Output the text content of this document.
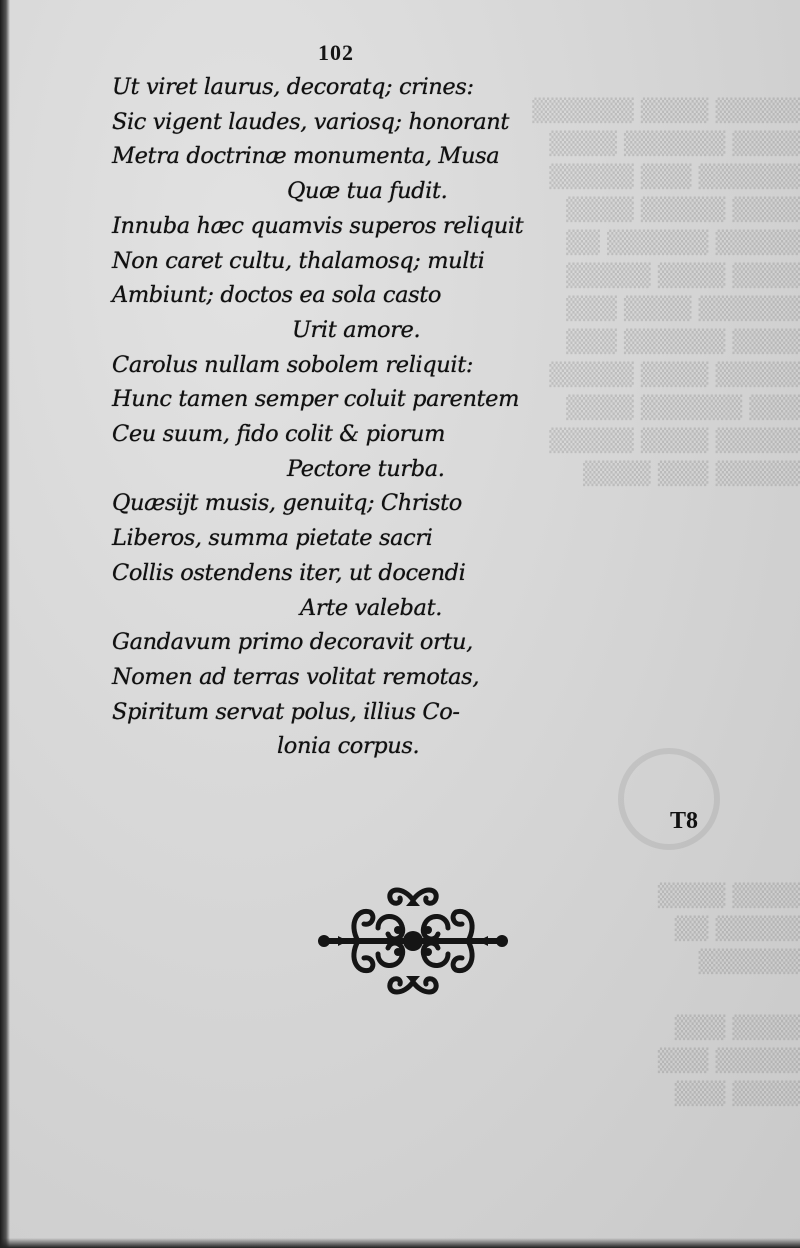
▒▒▒▒▒ ▒▒▒▒ ▒▒▒▒▒▒
▒▒▒▒ ▒▒▒▒▒▒ ▒▒▒▒
▒▒▒▒▒▒ ▒▒▒ ▒▒▒▒▒
▒▒▒▒ ▒▒▒▒▒ ▒▒▒▒
▒▒▒▒▒ ▒▒▒▒▒▒ ▒▒
▒▒▒▒ ▒▒▒▒ ▒▒▒▒▒
▒▒▒▒▒▒ ▒▒▒▒ ▒▒▒
▒▒▒▒ ▒▒▒▒▒▒ ▒▒▒
▒▒▒▒▒ ▒▒▒▒ ▒▒▒▒▒
▒▒▒ ▒▒▒▒▒▒ ▒▒▒▒
▒▒▒▒▒ ▒▒▒▒ ▒▒▒▒▒
▒▒▒▒▒ ▒▒▒ ▒▒▒▒
▒▒▒▒ ▒▒▒▒
▒▒▒▒▒ ▒▒
▒▒▒▒▒▒

▒▒▒▒ ▒▒▒
▒▒▒▒▒ ▒▒▒
▒▒▒▒ ▒▒▒
102
Ut viret laurus, decoratq; crines:
Sic vigent laudes, variosq; honorant
Metra doctrinæ monumenta, Musa
Quæ tua fudit.
Innuba hæc quamvis superos reliquit
Non caret cultu, thalamosq; multi
Ambiunt; doctos ea sola casto
Urit amore.
Carolus nullam sobolem reliquit:
Hunc tamen semper coluit parentem
Ceu suum, fido colit & piorum
Pectore turba.
Quæsijt musis, genuitq; Christo
Liberos, summa pietate sacri
Collis ostendens iter, ut docendi
Arte valebat.
Gandavum primo decoravit ortu,
Nomen ad terras volitat remotas,
Spiritum servat polus, illius Co-
lonia corpus.
T8
